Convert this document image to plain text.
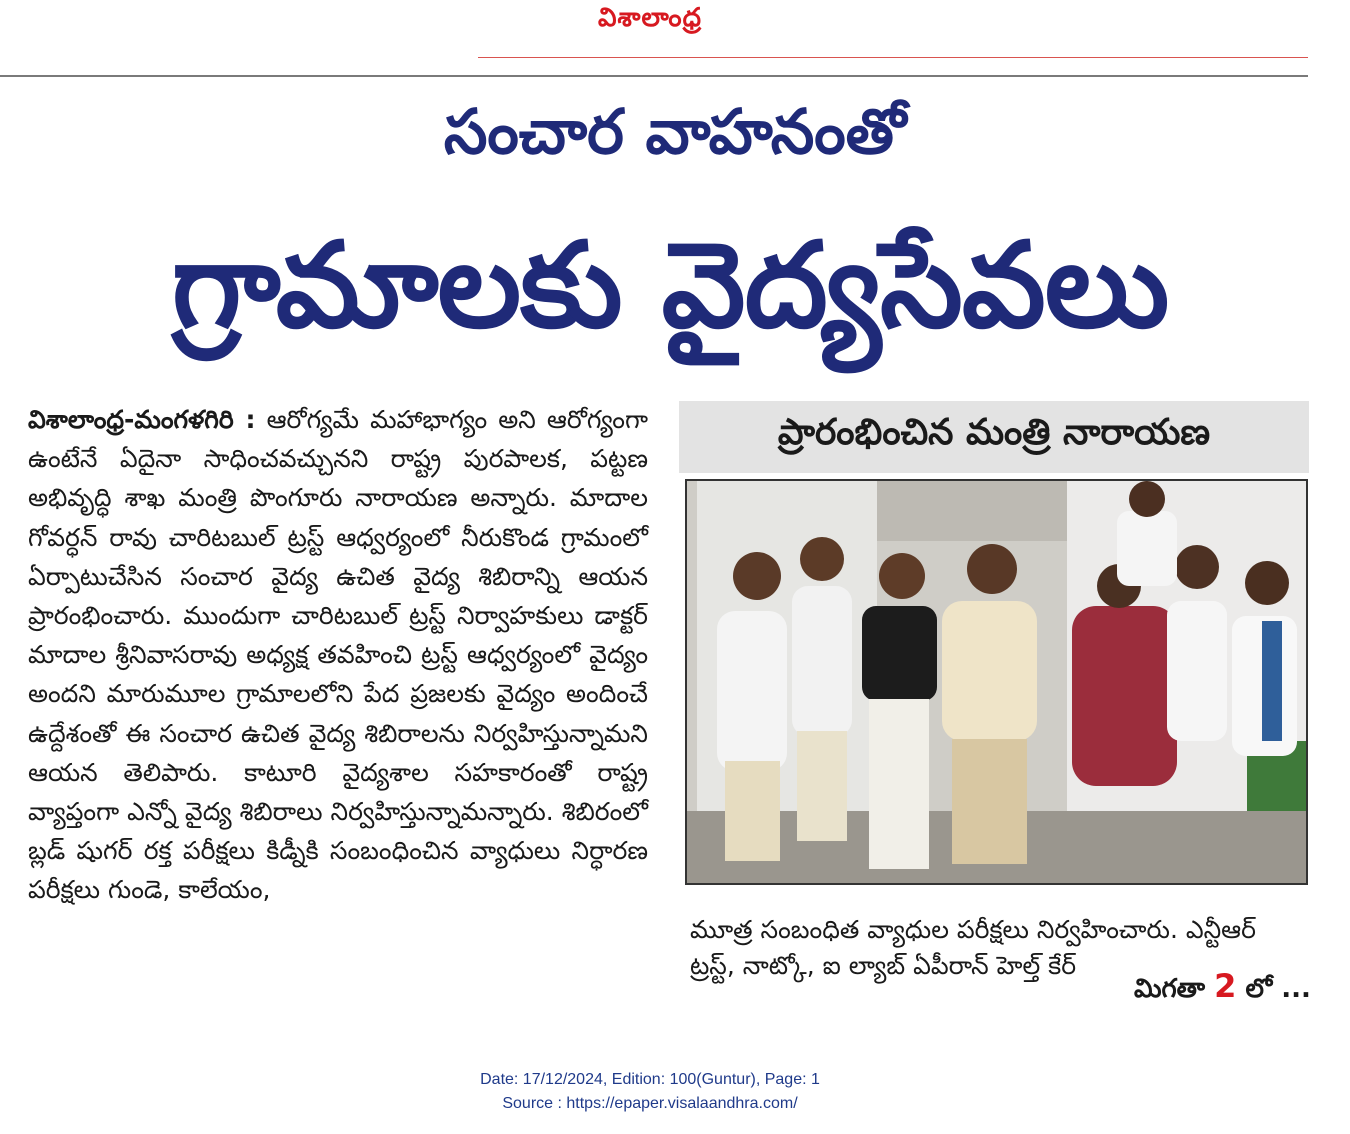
విశాలాంధ్ర
సంచార వాహనంతో
గ్రామాలకు వైద్యసేవలు
విశాలాంధ్ర-మంగళగిరి : ఆరోగ్యమే మహాభాగ్యం అని ఆరోగ్యంగా ఉంటేనే ఏదైనా సాధించవచ్చునని రాష్ట్ర పురపాలక, పట్టణ అభివృద్ధి శాఖ మంత్రి పొంగూరు నారాయణ అన్నారు. మాదాల గోవర్ధన్ రావు చారిటబుల్ ట్రస్ట్ ఆధ్వర్యంలో నీరుకొండ గ్రామంలో ఏర్పాటుచేసిన సంచార వైద్య ఉచిత వైద్య శిబిరాన్ని ఆయన ప్రారంభించారు. ముందుగా చారిటబుల్ ట్రస్ట్ నిర్వాహకులు డాక్టర్ మాదాల శ్రీనివాసరావు అధ్యక్ష తవహించి ట్రస్ట్ ఆధ్వర్యంలో వైద్యం అందని మారుమూల గ్రామాలలోని పేద ప్రజలకు వైద్యం అందించే ఉద్దేశంతో ఈ సంచార ఉచిత వైద్య శిబిరాలను నిర్వహిస్తున్నామని ఆయన తెలిపారు. కాటూరి వైద్యశాల సహకారంతో రాష్ట్ర వ్యాప్తంగా ఎన్నో వైద్య శిబిరాలు నిర్వహిస్తున్నామన్నారు. శిబిరంలో బ్లడ్ షుగర్ రక్త పరీక్షలు కిడ్నీకి సంబంధించిన వ్యాధులు నిర్ధారణ పరీక్షలు గుండె, కాలేయం,
ప్రారంభించిన మంత్రి నారాయణ
మూత్ర సంబంధిత వ్యాధుల పరీక్షలు నిర్వహించారు. ఎన్టీఆర్
ట్రస్ట్, నాట్కో, ఐ ల్యాబ్ ఏపీరాన్ హెల్త్ కేర్
మిగతా 2 లో ...
Date: 17/12/2024, Edition: 100(Guntur), Page: 1
Source : https://epaper.visalaandhra.com/
